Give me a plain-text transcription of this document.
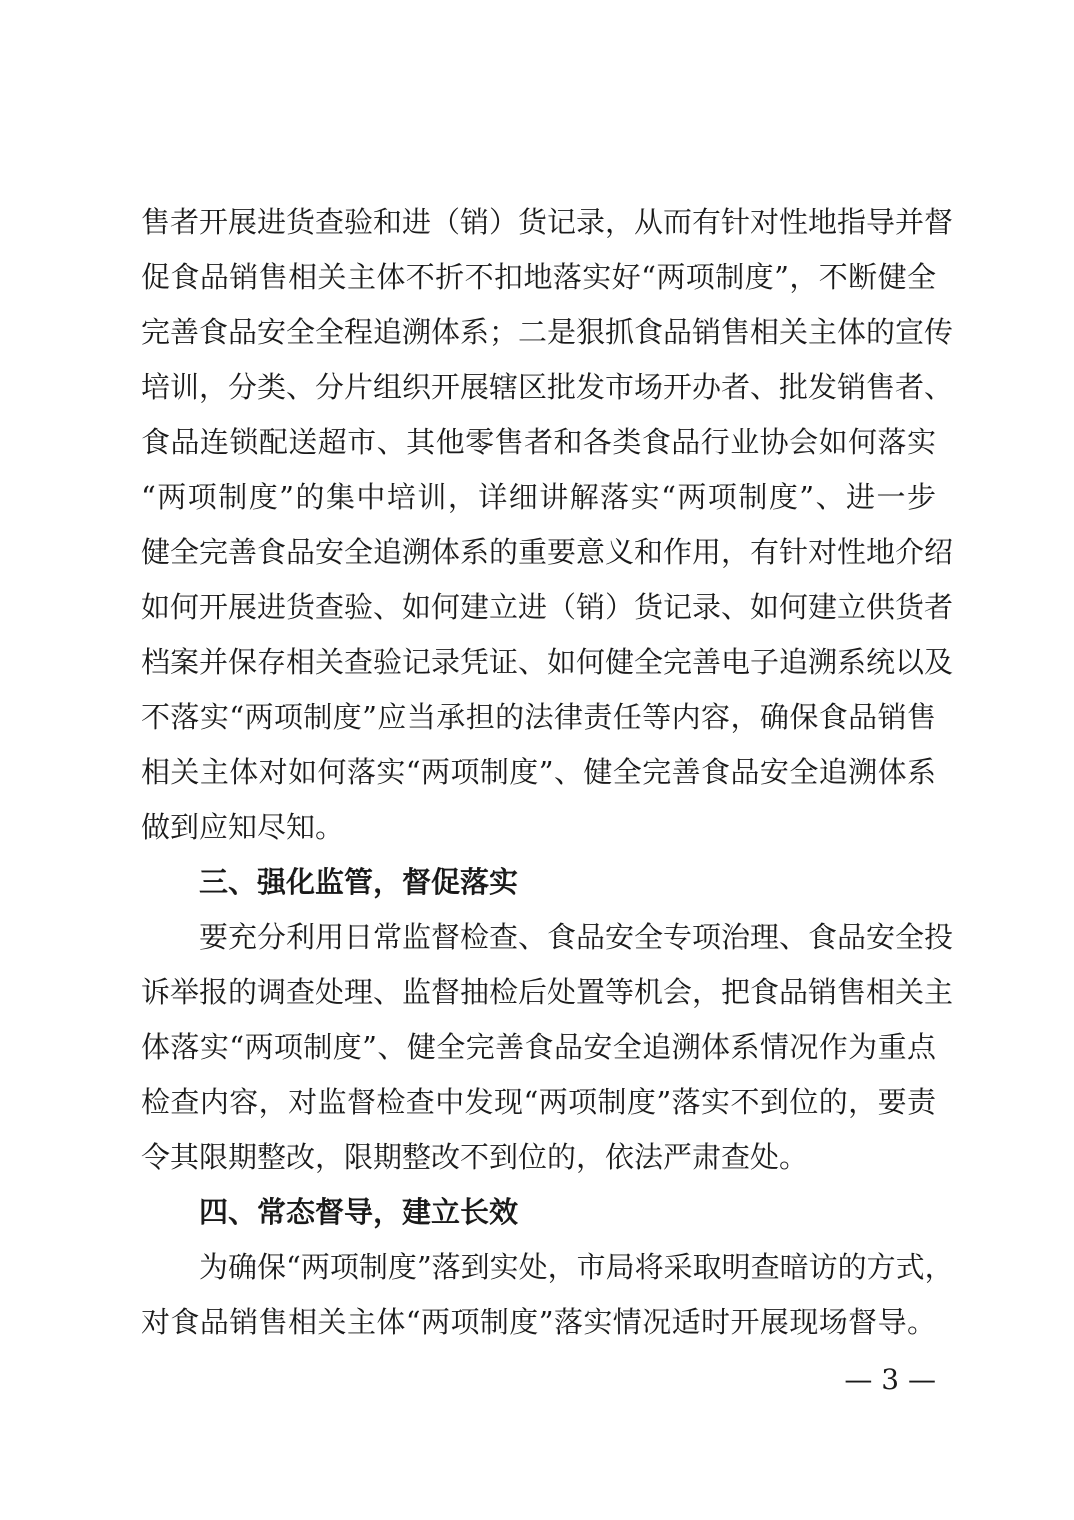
售者开展进货查验和进（销）货记录，从而有针对性地指导并督
促食品销售相关主体不折不扣地落实好“两项制度”，不断健全
完善食品安全全程追溯体系；二是狠抓食品销售相关主体的宣传
培训，分类、分片组织开展辖区批发市场开办者、批发销售者、
食品连锁配送超市、其他零售者和各类食品行业协会如何落实
“两项制度”的集中培训，详细讲解落实“两项制度”、进一步
健全完善食品安全追溯体系的重要意义和作用，有针对性地介绍
如何开展进货查验、如何建立进（销）货记录、如何建立供货者
档案并保存相关查验记录凭证、如何健全完善电子追溯系统以及
不落实“两项制度”应当承担的法律责任等内容，确保食品销售
相关主体对如何落实“两项制度”、健全完善食品安全追溯体系
做到应知尽知。
三、强化监管，督促落实
要充分利用日常监督检查、食品安全专项治理、食品安全投
诉举报的调查处理、监督抽检后处置等机会，把食品销售相关主
体落实“两项制度”、健全完善食品安全追溯体系情况作为重点
检查内容，对监督检查中发现“两项制度”落实不到位的，要责
令其限期整改，限期整改不到位的，依法严肃查处。
四、常态督导，建立长效
为确保“两项制度”落到实处，市局将采取明查暗访的方式，
对食品销售相关主体“两项制度”落实情况适时开展现场督导。
— 3 —
